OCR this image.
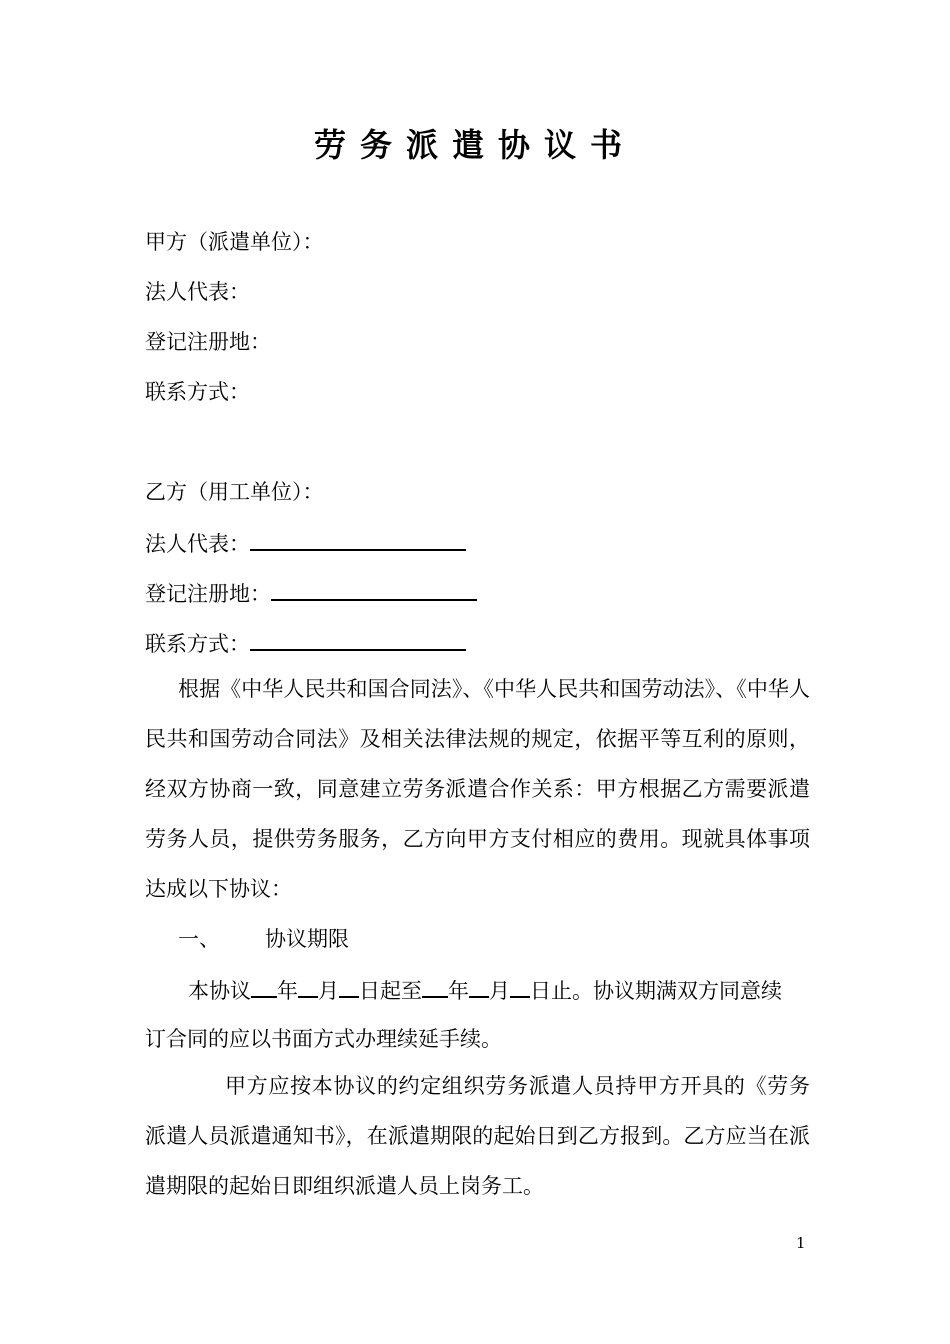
劳务派遣协议书
甲方（派遣单位）：
法人代表：
登记注册地：
联系方式：
乙方（用工单位）：
法人代表：
登记注册地：
联系方式：
根据《中华人民共和国合同法》、《中华人民共和国劳动法》、《中华人民共和国劳动合同法》及相关法律法规的规定，依据平等互利的原则，经双方协商一致，同意建立劳务派遣合作关系：甲方根据乙方需要派遣劳务人员，提供劳务服务，乙方向甲方支付相应的费用。现就具体事项达成以下协议：
一、 协议期限
本协议 年 月 日起至 年 月 日止。协议期满双方同意续
订合同的应以书面方式办理续延手续。
甲方应按本协议的约定组织劳务派遣人员持甲方开具的《劳务派遣人员派遣通知书》，在派遣期限的起始日到乙方报到。乙方应当在派遣期限的起始日即组织派遣人员上岗务工。
1
